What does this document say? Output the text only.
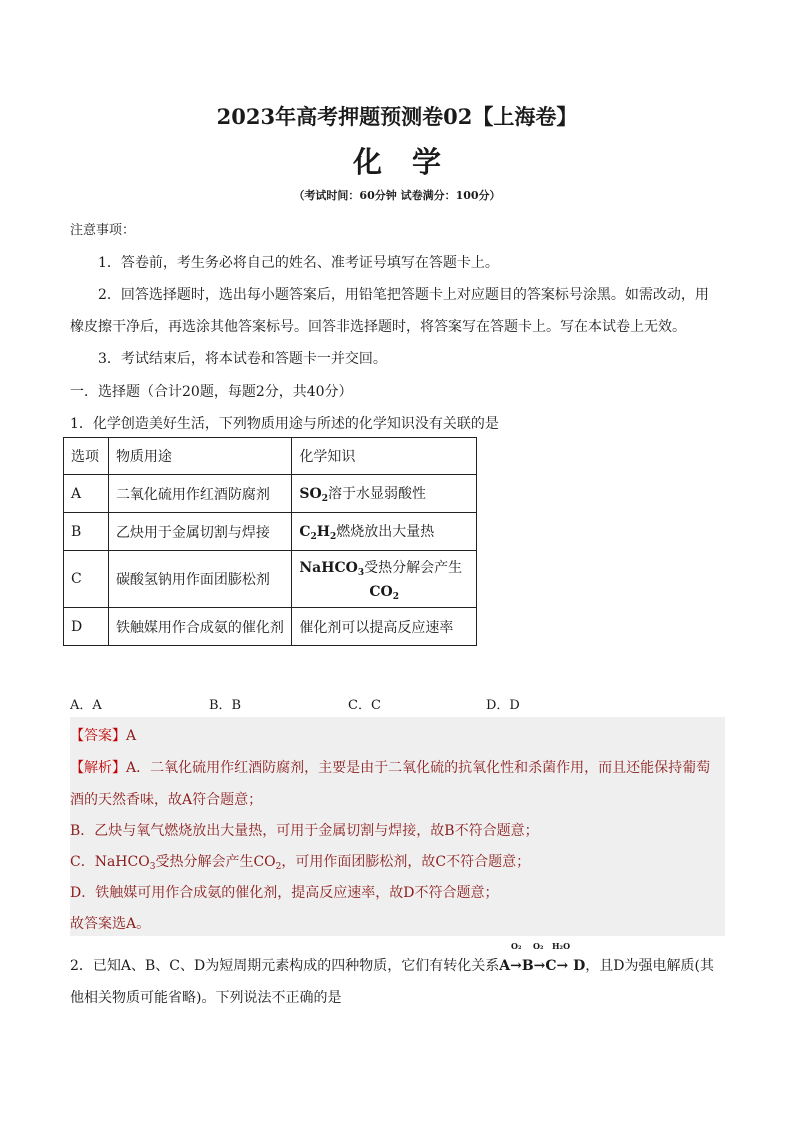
2023年高考押题预测卷02【上海卷】
化学
（考试时间：60分钟 试卷满分：100分）
注意事项：
1．答卷前，考生务必将自己的姓名、准考证号填写在答题卡上。
2．回答选择题时，选出每小题答案后，用铅笔把答题卡上对应题目的答案标号涂黑。如需改动，用
橡皮擦干净后，再选涂其他答案标号。回答非选择题时，将答案写在答题卡上。写在本试卷上无效。
3．考试结束后，将本试卷和答题卡一并交回。
一．选择题（合计20题，每题2分，共40分）
1．化学创造美好生活，下列物质用途与所述的化学知识没有关联的是
选项	物质用途	化学知识
A	二氧化硫用作红酒防腐剂	$SO_2$溶于水显弱酸性
B	乙炔用于金属切割与焊接	$C_2H_2$燃烧放出大量热
C	碳酸氢钠用作面团膨松剂	NaHCO$_3$受热分解会产生
$CO_2$

D	铁触媒用作合成氨的催化剂	催化剂可以提高反应速率
A．A	B．B	C．C	D．D
【答案】A
【解析】A．二氧化硫用作红酒防腐剂，主要是由于二氧化硫的抗氧化性和杀菌作用，而且还能保持葡萄
酒的天然香味，故A符合题意；
B．乙炔与氧气燃烧放出大量热，可用于金属切割与焊接，故B不符合题意；
C．NaHCO$_3$受热分解会产生$CO_2$，可用作面团膨松剂，故C不符合题意；
D．铁触媒可用作合成氨的催化剂，提高反应速率，故D不符合题意；
故答案选A。
O₂ O₂ H₂O
2．已知A、B、C、D为短周期元素构成的四种物质，它们有转化关系A→B→C→ D，且D为强电解质(其
他相关物质可能省略)。下列说法不正确的是
